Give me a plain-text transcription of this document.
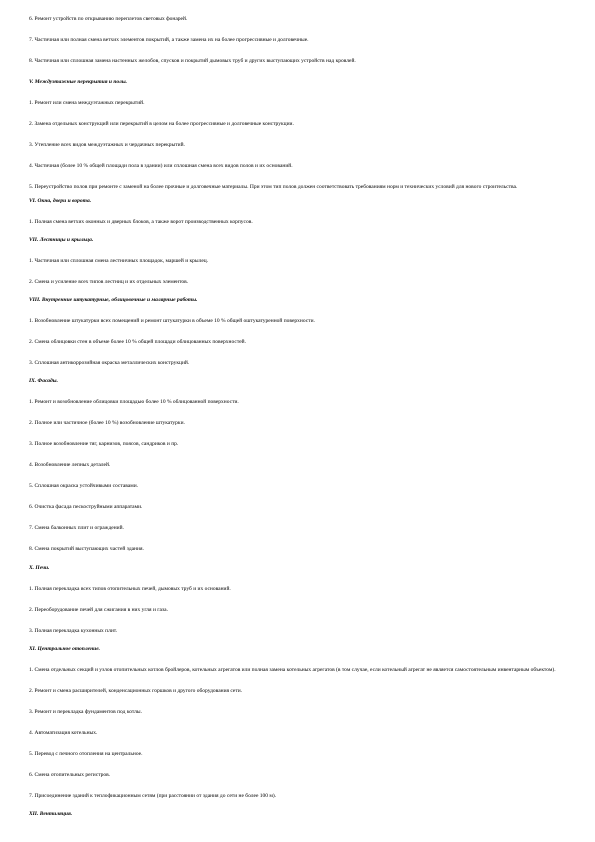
6. Ремонт устройств по открыванию переплетов световых фонарей.

7. Частичная или полная смена ветхих элементов покрытий, а также замена их на более прогрессивные и долговечные.

8. Частичная или сплошная замена настенных желобов, спусков и покрытий дымовых труб и других выступающих устройств над кровлей.

V. Междуэтажные перекрытия и полы.

1. Ремонт или смена междуэтажных перекрытий.

2. Замена отдельных конструкций или перекрытий в целом на более прогрессивные и долговечные конструкции.

3. Утепление всех видов междуэтажных и чердачных перекрытий.

4. Частичная (более 10 % общей площади пола в здании) или сплошная смена всех видов полов и их оснований.

5. Переустройство полов при ремонте с заменой на более прочные и долговечные материалы. При этом тип полов должен соответствовать требованиям норм и технических условий для нового строительства.

VI. Окна, двери и ворота.

1. Полная смена ветхих оконных и дверных блоков, а также ворот производственных корпусов.

VII. Лестницы и крыльца.

1. Частичная или сплошная смена лестничных площадок, маршей и крылец.

2. Смена и усиление всех типов лестниц и их отдельных элементов.

VIII. Внутренние штукатурные, облицовочные и малярные работы.

1. Возобновление штукатурки всех помещений и ремонт штукатурки в объеме 10 % общей оштукатуренной поверхности.

2. Смена облицовки стен в объеме более 10 % общей площади облицованных поверхностей.

3. Сплошная антикоррозийная окраска металлических конструкций.

IX. Фасады.

1. Ремонт и возобновление облицовки площадью более 10 % облицованной поверхности.

2. Полное или частичное (более 10 %) возобновление штукатурки.

3. Полное возобновление тяг, карнизов, поясов, сандриков и пр.

4. Возобновление лепных деталей.

5. Сплошная окраска устойчивыми составами.

6. Очистка фасада пескоструйными аппаратами.

7. Смена балконных плит и ограждений.

8. Смена покрытий выступающих частей здания.

X. Печи.

1. Полная перекладка всех типов отопительных печей, дымовых труб и их оснований.

2. Переоборудование печей для сжигания в них угля и газа.

3. Полная перекладка кухонных плит.

XI. Центральное отопление.

1. Смена отдельных секций и узлов отопительных котлов бройлеров, котельных агрегатов или полная замена котельных агрегатов (в том случае, если котельный агрегат не является самостоятельным инвентарным объектом).

2. Ремонт и смена расширителей, конденсационных горшков и другого оборудования сети.

3. Ремонт и перекладка фундаментов под котлы.

4. Автоматизация котельных.

5. Перевод с печного отопления на центральное.

6. Смена отопительных регистров.

7. Присоединение зданий к теплофикационным сетям (при расстоянии от здания до сети не более 100 м).

XII. Вентиляция.
